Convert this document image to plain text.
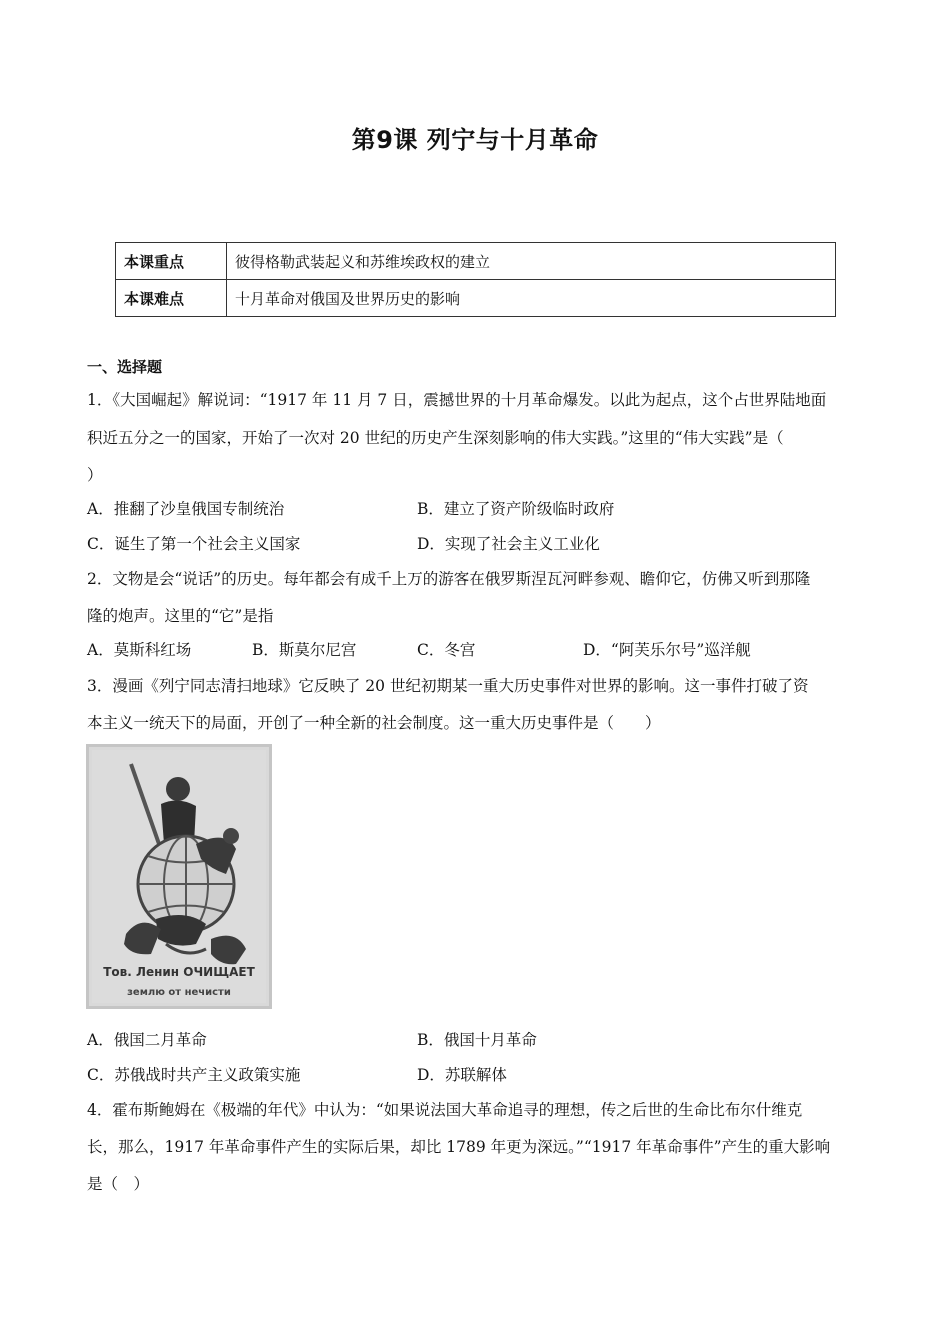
第9课 列宁与十月革命
本课重点	彼得格勒武装起义和苏维埃政权的建立
本课难点	十月革命对俄国及世界历史的影响
一、选择题
1．《大国崛起》解说词：“1917 年 11 月 7 日，震撼世界的十月革命爆发。以此为起点，这个占世界陆地面
积近五分之一的国家，开始了一次对 20 世纪的历史产生深刻影响的伟大实践。”这里的“伟大实践”是（
）
A．推翻了沙皇俄国专制统治	B．建立了资产阶级临时政府
C．诞生了第一个社会主义国家	D．实现了社会主义工业化
2．文物是会“说话”的历史。每年都会有成千上万的游客在俄罗斯涅瓦河畔参观、瞻仰它，仿佛又听到那隆
隆的炮声。这里的“它”是指
A．莫斯科红场	B．斯莫尔尼宫	C．冬宫	D．“阿芙乐尔号”巡洋舰
3．漫画《列宁同志清扫地球》它反映了 20 世纪初期某一重大历史事件对世界的影响。这一事件打破了资
本主义一统天下的局面，开创了一种全新的社会制度。这一重大历史事件是（　　）
Тов. Ленин ОЧИЩАЕТ
землю от нечисти
A．俄国二月革命	B．俄国十月革命
C．苏俄战时共产主义政策实施	D．苏联解体
4．霍布斯鲍姆在《极端的年代》中认为：“如果说法国大革命追寻的理想，传之后世的生命比布尔什维克
长，那么，1917 年革命事件产生的实际后果，却比 1789 年更为深远。”“1917 年革命事件”产生的重大影响
是（　）
